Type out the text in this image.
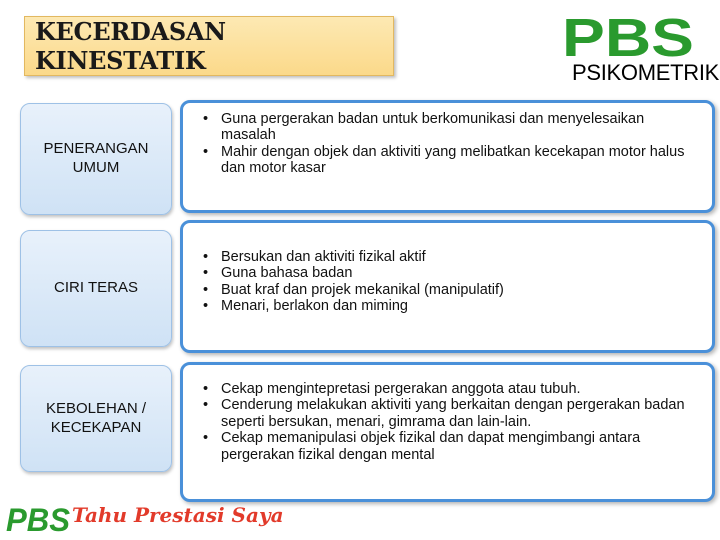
KECERDASAN KINESTATIK	PBS
PSIKOMETRIK
PENERANGAN UMUM
• Guna pergerakan badan untuk berkomunikasi dan menyelesaikan masalah
• Mahir dengan objek dan aktiviti yang melibatkan kecekapan motor halus dan motor kasar
CIRI TERAS
• Bersukan dan aktiviti fizikal aktif
• Guna bahasa badan
• Buat kraf dan projek mekanikal (manipulatif)
• Menari, berlakon dan miming
KEBOLEHAN / KECEKAPAN
• Cekap mengintepretasi pergerakan anggota atau tubuh.
• Cenderung melakukan aktiviti yang berkaitan dengan pergerakan badan seperti bersukan, menari, gimrama dan lain-lain.
• Cekap memanipulasi objek fizikal dan dapat mengimbangi antara pergerakan fizikal dengan mental
PBS Tahu Prestasi Saya
